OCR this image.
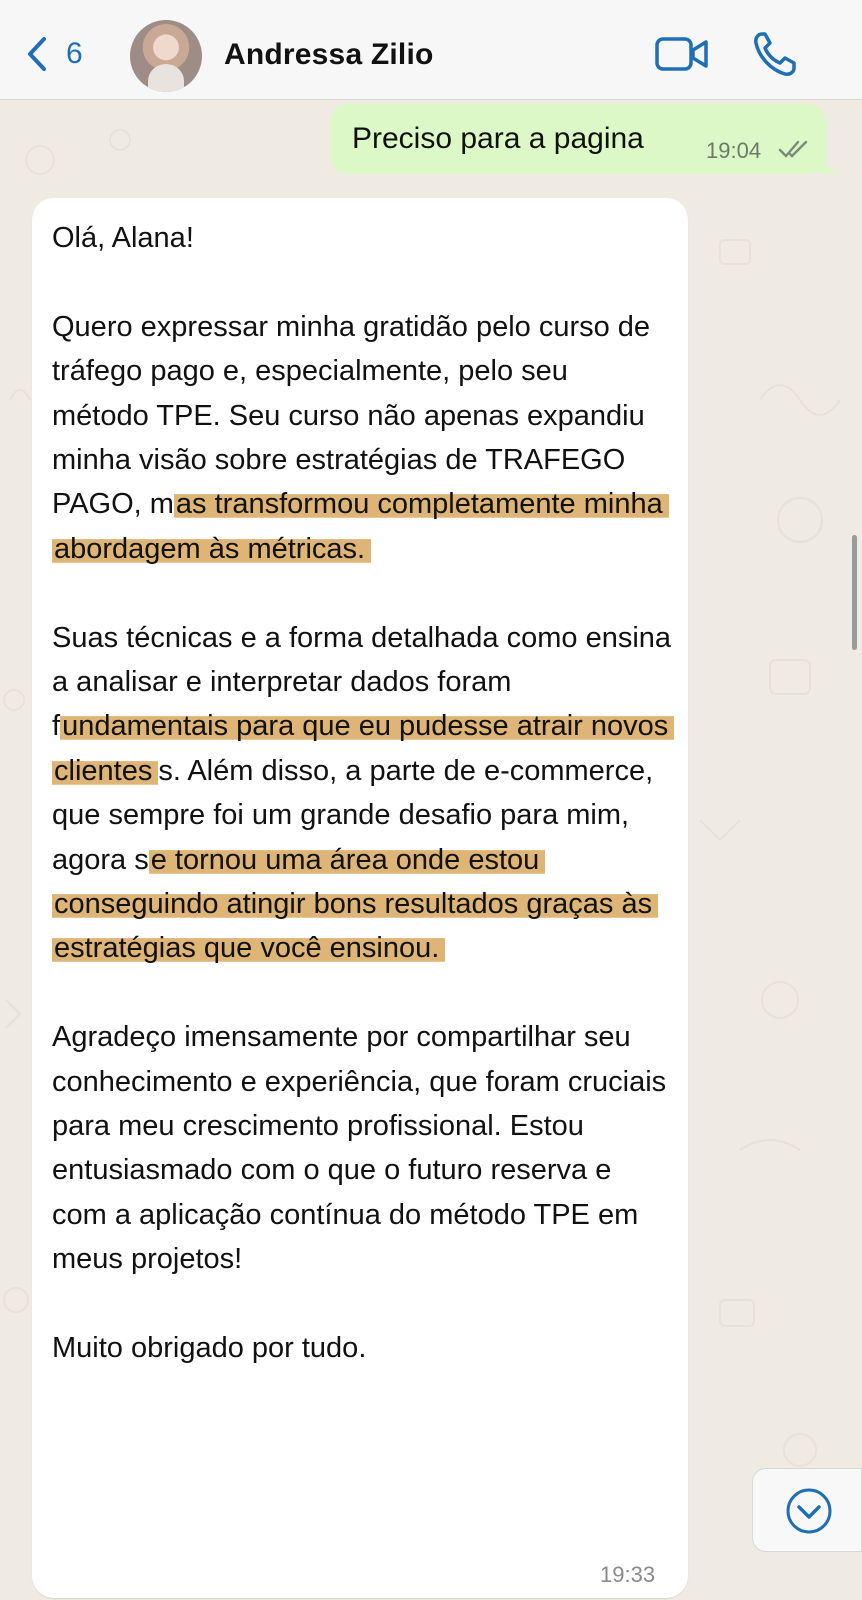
6	Andressa Zilio
Preciso para a pagina	19:04

Olá, Alana!

Quero expressar minha gratidão pelo curso de tráfego pago e, especialmente, pelo seu método TPE. Seu curso não apenas expandiu minha visão sobre estratégias de TRAFEGO PAGO, mas transformou completamente minha abordagem às métricas.

Suas técnicas e a forma detalhada como ensina a analisar e interpretar dados foram fundamentais para que eu pudesse atrair novos clientes s. Além disso, a parte de e-commerce, que sempre foi um grande desafio para mim, agora se tornou uma área onde estou conseguindo atingir bons resultados graças às estratégias que você ensinou.

Agradeço imensamente por compartilhar seu conhecimento e experiência, que foram cruciais para meu crescimento profissional. Estou entusiasmado com o que o futuro reserva e com a aplicação contínua do método TPE em meus projetos!

Muito obrigado por tudo.

19:33
